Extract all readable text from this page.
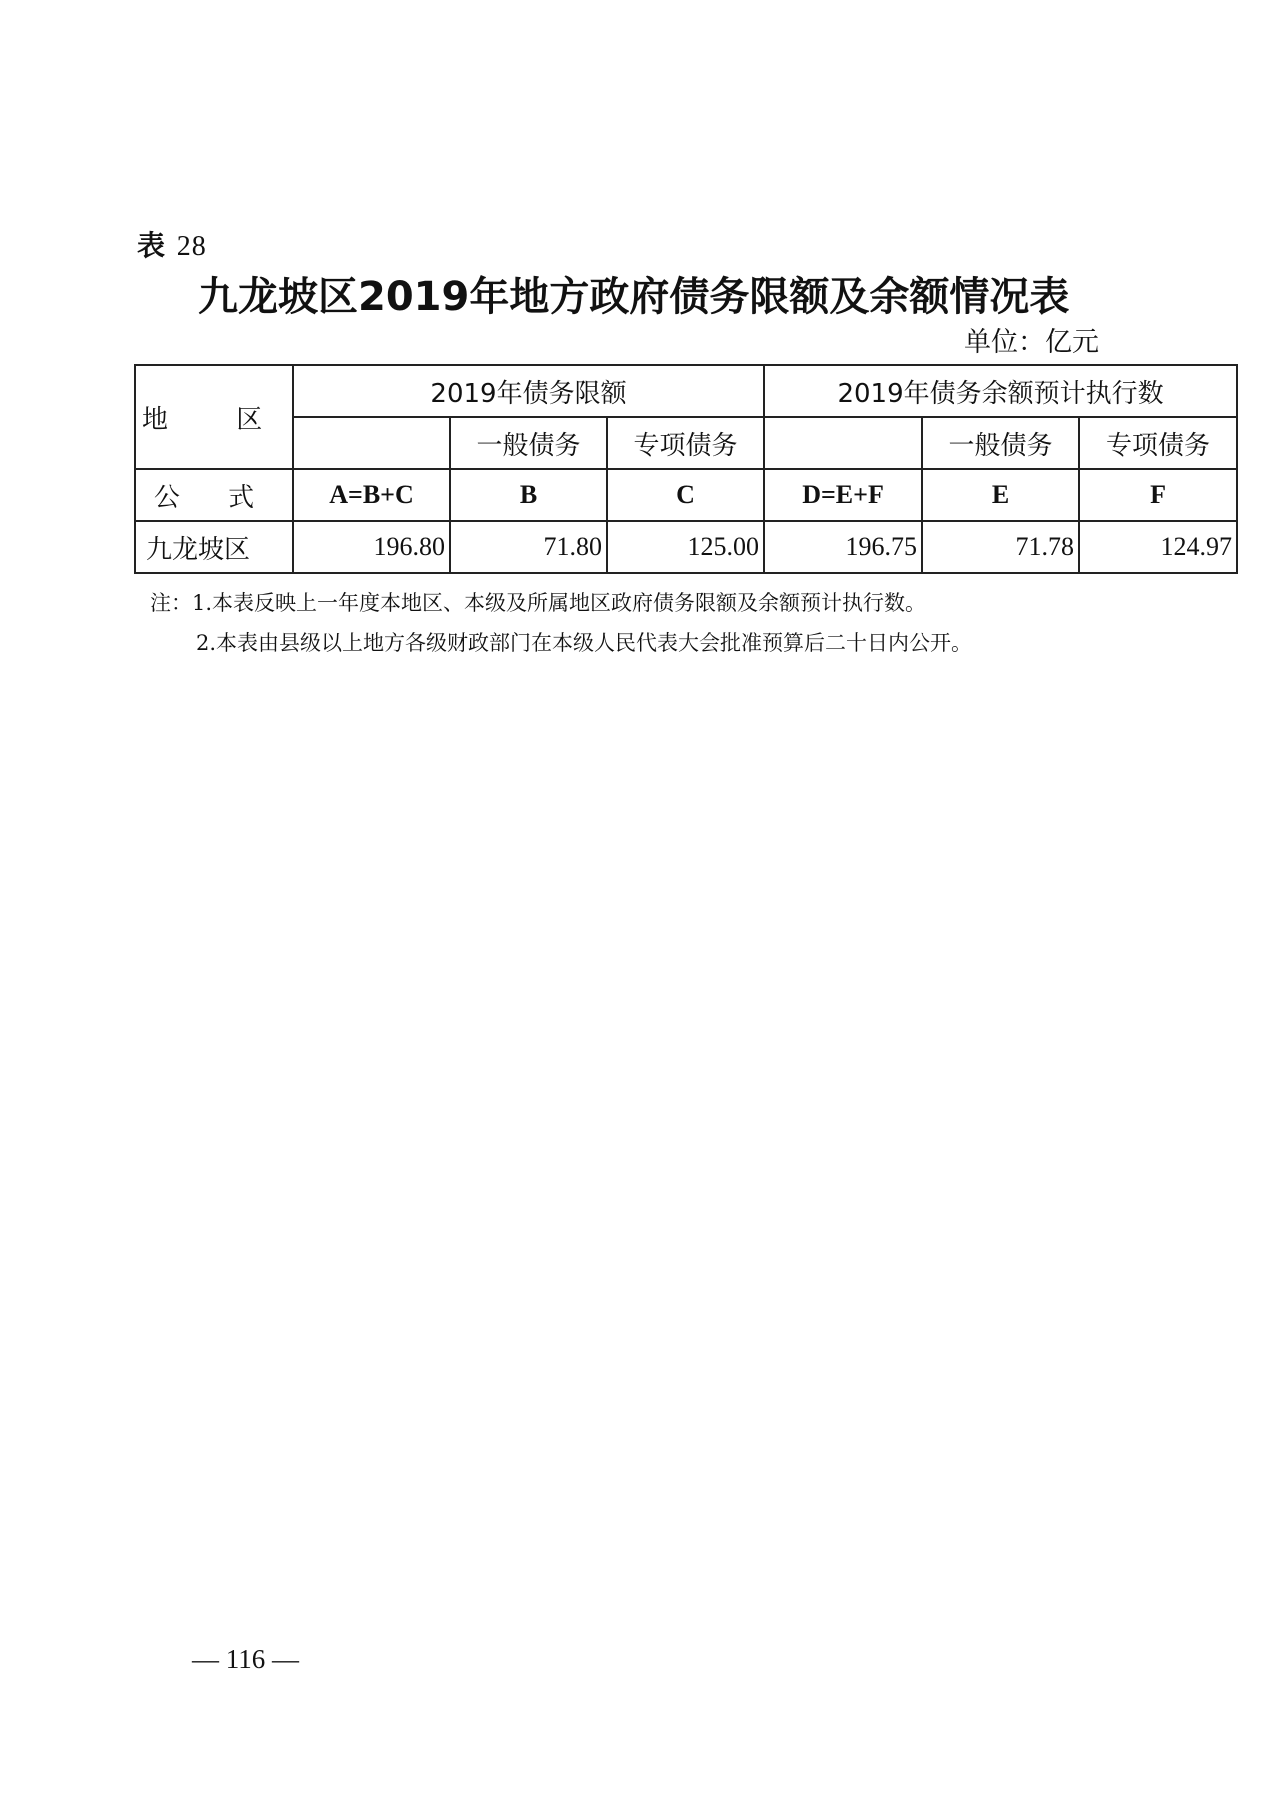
表 28
九龙坡区2019年地方政府债务限额及余额情况表
单位：亿元
地 区	2019年债务限额			2019年债务余额预计执行数		
		一般债务	专项债务		一般债务	专项债务
公 式	A=B+C	B	C	D=E+F	E	F
九龙坡区	196.80	71.80	125.00	196.75	71.78	124.97
注：1.本表反映上一年度本地区、本级及所属地区政府债务限额及余额预计执行数。
2.本表由县级以上地方各级财政部门在本级人民代表大会批准预算后二十日内公开。
— 116 —
